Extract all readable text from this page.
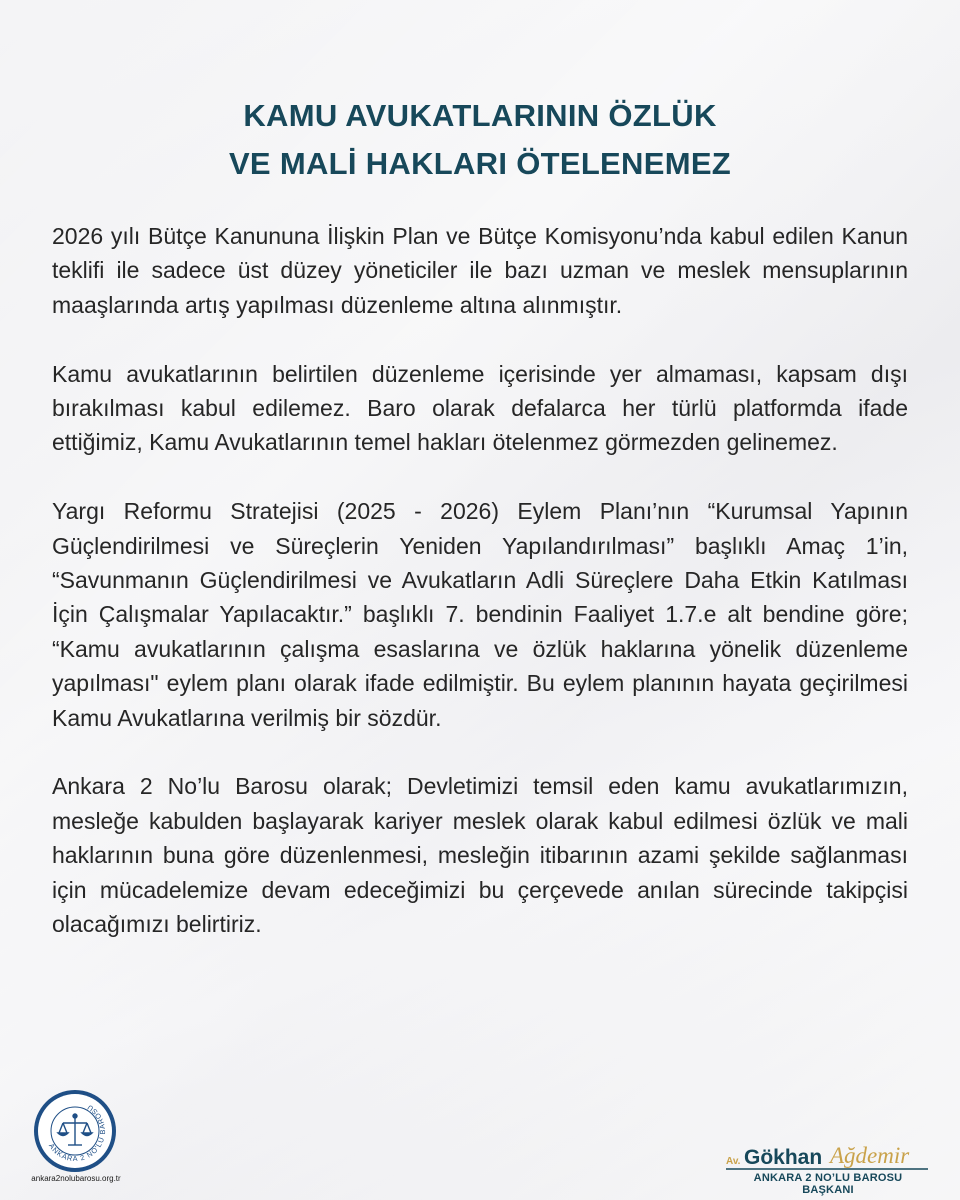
KAMU AVUKATLARININ ÖZLÜK
VE MALİ HAKLARI ÖTELENEMEZ

2026 yılı Bütçe Kanununa İlişkin Plan ve Bütçe Komisyonu’nda kabul edilen Kanun teklifi ile sadece üst düzey yöneticiler ile bazı uzman ve meslek mensuplarının maaşlarında artış yapılması düzenleme altına alınmıştır.

Kamu avukatlarının belirtilen düzenleme içerisinde yer almaması, kapsam dışı bırakılması kabul edilemez. Baro olarak defalarca her türlü platformda ifade ettiğimiz, Kamu Avukatlarının temel hakları ötelenmez görmezden gelinemez.

Yargı Reformu Stratejisi (2025 - 2026) Eylem Planı’nın “Kurumsal Yapının Güçlendirilmesi ve Süreçlerin Yeniden Yapılandırılması” başlıklı Amaç 1’in, “Savunmanın Güçlendirilmesi ve Avukatların Adli Süreçlere Daha Etkin Katılması İçin Çalışmalar Yapılacaktır.” başlıklı 7. bendinin Faaliyet 1.7.e alt bendine göre; “Kamu avukatlarının çalışma esaslarına ve özlük haklarına yönelik düzenleme yapılması" eylem planı olarak ifade edilmiştir. Bu eylem planının hayata geçirilmesi Kamu Avukatlarına verilmiş bir sözdür.

Ankara 2 No’lu Barosu olarak; Devletimizi temsil eden kamu avukatlarımızın, mesleğe kabulden başlayarak kariyer meslek olarak kabul edilmesi özlük ve mali haklarının buna göre düzenlenmesi, mesleğin itibarının azami şekilde sağlanması için mücadelemize devam edeceğimizi bu çerçevede anılan sürecinde takipçisi olacağımızı belirtiriz.

ANKARA 2 NO'LU BAROSU
ankara2nolubarosu.org.tr
Av. Gökhan Ağdemir
ANKARA 2 NO’LU BAROSU BAŞKANI
